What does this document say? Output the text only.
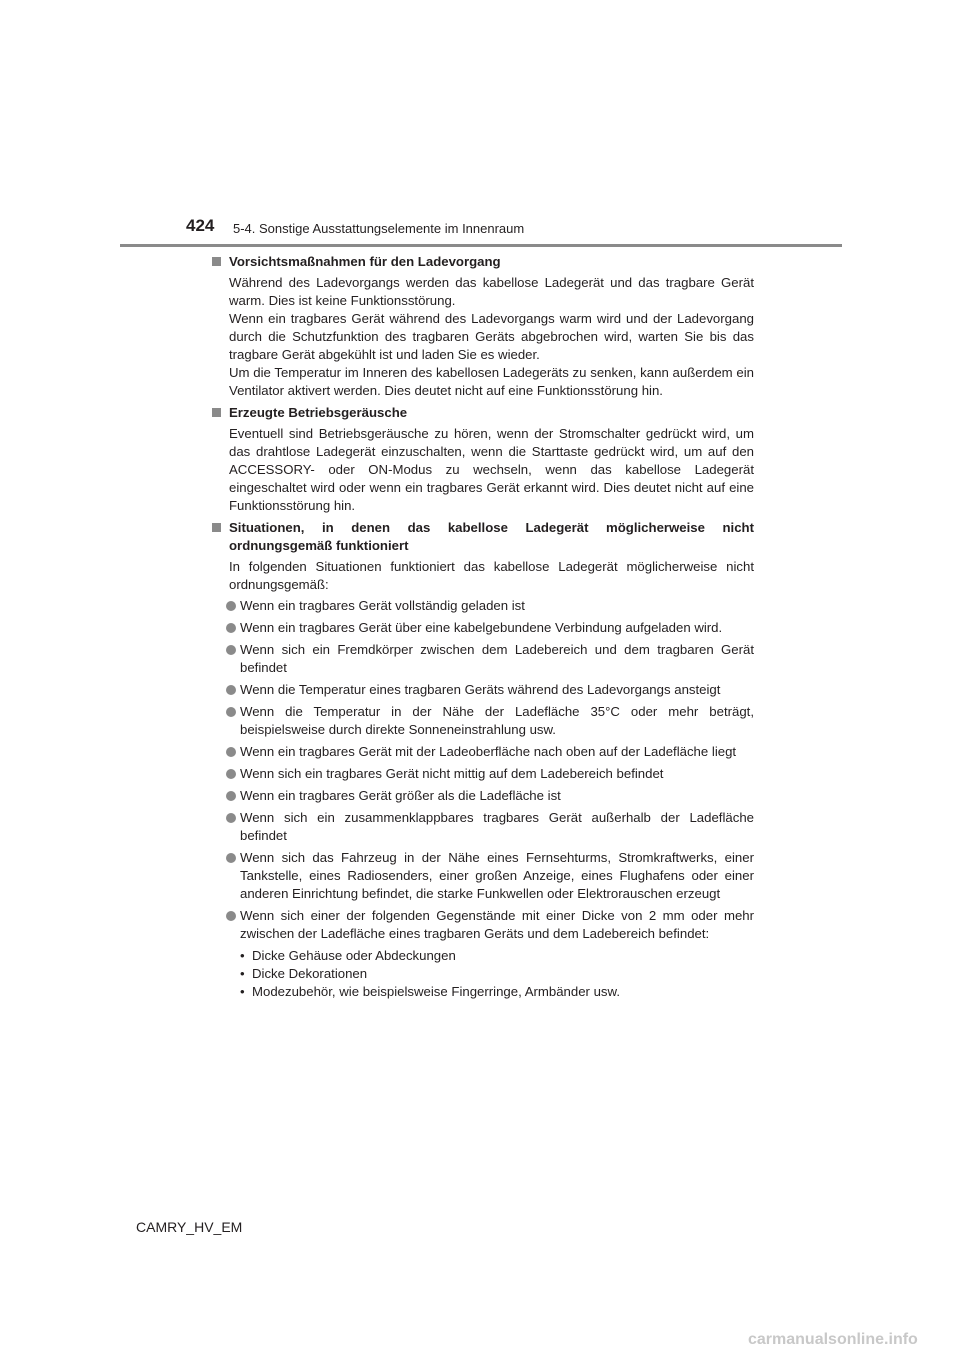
424 5-4. Sonstige Ausstattungselemente im Innenraum
Vorsichtsmaßnahmen für den Ladevorgang
Während des Ladevorgangs werden das kabellose Ladegerät und das tragbare Gerät warm. Dies ist keine Funktionsstörung.
Wenn ein tragbares Gerät während des Ladevorgangs warm wird und der Ladevorgang durch die Schutzfunktion des tragbaren Geräts abgebrochen wird, warten Sie bis das tragbare Gerät abgekühlt ist und laden Sie es wieder.
Um die Temperatur im Inneren des kabellosen Ladegeräts zu senken, kann außerdem ein Ventilator aktivert werden. Dies deutet nicht auf eine Funktionsstörung hin.
Erzeugte Betriebsgeräusche
Eventuell sind Betriebsgeräusche zu hören, wenn der Stromschalter gedrückt wird, um das drahtlose Ladegerät einzuschalten, wenn die Starttaste gedrückt wird, um auf den ACCESSORY- oder ON-Modus zu wechseln, wenn das kabellose Ladegerät eingeschaltet wird oder wenn ein tragbares Gerät erkannt wird. Dies deutet nicht auf eine Funktionsstörung hin.
Situationen, in denen das kabellose Ladegerät möglicherweise nicht ordnungsgemäß funktioniert
In folgenden Situationen funktioniert das kabellose Ladegerät möglicherweise nicht ordnungsgemäß:
Wenn ein tragbares Gerät vollständig geladen ist
Wenn ein tragbares Gerät über eine kabelgebundene Verbindung aufgeladen wird.
Wenn sich ein Fremdkörper zwischen dem Ladebereich und dem tragbaren Gerät befindet
Wenn die Temperatur eines tragbaren Geräts während des Ladevorgangs ansteigt
Wenn die Temperatur in der Nähe der Ladefläche 35°C oder mehr beträgt, beispielsweise durch direkte Sonneneinstrahlung usw.
Wenn ein tragbares Gerät mit der Ladeoberfläche nach oben auf der Ladefläche liegt
Wenn sich ein tragbares Gerät nicht mittig auf dem Ladebereich befindet
Wenn ein tragbares Gerät größer als die Ladefläche ist
Wenn sich ein zusammenklappbares tragbares Gerät außerhalb der Ladefläche befindet
Wenn sich das Fahrzeug in der Nähe eines Fernsehturms, Stromkraftwerks, einer Tankstelle, eines Radiosenders, einer großen Anzeige, eines Flughafens oder einer anderen Einrichtung befindet, die starke Funkwellen oder Elektrorauschen erzeugt
Wenn sich einer der folgenden Gegenstände mit einer Dicke von 2 mm oder mehr zwischen der Ladefläche eines tragbaren Geräts und dem Ladebereich befindet:
• Dicke Gehäuse oder Abdeckungen
• Dicke Dekorationen
• Modezubehör, wie beispielsweise Fingerringe, Armbänder usw.
CAMRY_HV_EM
carmanualsonline.info
